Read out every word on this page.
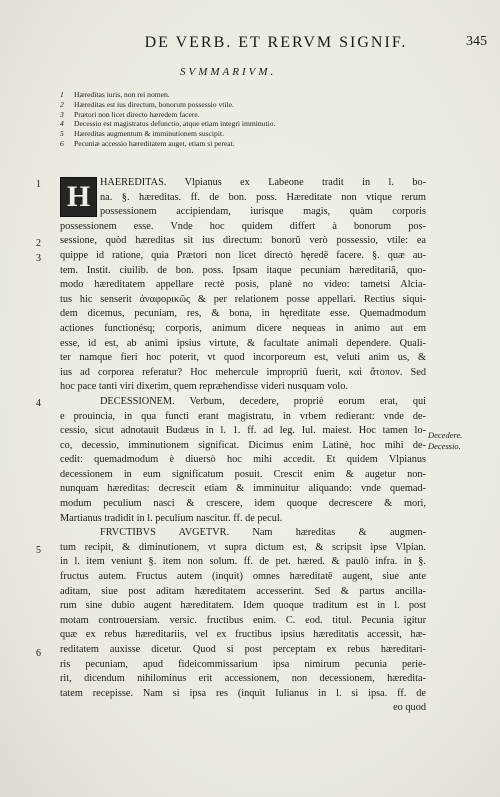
DE VERB. ET RERVM SIGNIF.	345
SVMMARIVM.
1	Hæreditas iuris, non rei nomen.
2	Hæreditas est ius directum, bonorum possessio vtile.
3	Prætori non licet directo hæredem facere.
4	Decessio est magistratus defunctio, atque etiam integri imminutio.
5	Hæreditas augmentum & imminutionem suscipit.
6	Pecuniæ accessio hæreditatem auget, etiam si pereat.
1
2
3
4
5
6
Decedere.
Decessio.
H HAEREDITAS. Vlpianus ex Labeone tradit in l. bo-
na. §. hæreditas. ff. de bon. poss. Hæreditate non vtique rerum
possessionem accipiendam, iurisque magis, quàm corporis
possessionem esse. Vnde hoc quidem differt à bonorum pos-
sessione, quòd hæreditas sit ius directum: bonorũ verò possessio, vtile: ea
quippe id ratione, quia Prætori non licet directò hęredē facere. §. quæ au-
tem. Instit. ciuilib. de bon. poss. Ipsam itaque pecuniam hæreditariã, quo-
modo hæreditatem appellare rectè posis, planè no video: tametsi Alcia-
tus hic senserit ἀναφορικῶς & per relationem posse appellari. Rectius siqui-
dem dicemus, pecuniam, res, & bona, in hęreditate esse. Quemadmodum
actiones functionésq; corporis, animum dicere nequeas in animo aut em
esse, id est, ab animi ipsius virtute, & facultate animali dependere. Quali-
ter namque fieri hoc poterit, vt quod incorporeum est, veluti anim us, &
ius ad corporea referatur? Hoc mehercule impropriũ fuerit, καὶ ἄτοπον. Sed
hoc pace tanti viri dixerim, quem repræhendisse videri nusquam volo.
DECESSIONEM. Verbum, decedere, propriè eorum erat, qui
e prouincia, in qua functi erant magistratu, in vrbem redierant: vnde de-
cessio, sicut adnotauit Budæus in l. 1. ff. ad leg. Iul. maiest. Hoc tamen lo-
co, decessio, imminutionem significat. Dicimus enim Latinè, hoc mihi de-
cedit: quemadmodum è diuersò hoc mihi accedit. Et quidem Vlpianus
decessionem in eum significatum posuit. Crescit enim & augetur non-
nunquam hæreditas: decrescit etiam & imminuitur aliquando: vnde quemad-
modum peculium nasci & crescere, idem quoque decrescere & mori,
Martianus tradidit in l. peculium nascitur. ff. de pecul.
FRVCTIBVS AVGETVR. Nam hæreditas & augmen-
tum recipit, & diminutionem, vt supra dictum est, & scripsit ipse Vlpian.
in l. item veniunt §. item non solum. ff. de pet. hæred. & paulò infra. in §.
fructus autem. Fructus autem (inquit) omnes hæreditatē augent, siue ante
aditam, siue post aditam hæreditatem accesserint. Sed & partus ancilla-
rum sine dubio augent hæreditatem. Idem quoque traditum est in l. post
motam controuersiam. versic. fructibus enim. C. eod. titul. Pecunia igitur
quæ ex rebus hæreditariis, vel ex fructibus ipsius hæreditatis accessit, hæ-
reditatem auxisse dicetur. Quod si post perceptam ex rebus hæreditari-
ris pecuniam, apud fideicommissarium ipsa nimirum pecunia perie-
rit, dicendum nihilominus erit accessionem, non decessionem, hæredita-
tatem recepisse. Nam si ipsa res (inquit Iulianus in l. si ipsa. ff. de
eo quod
